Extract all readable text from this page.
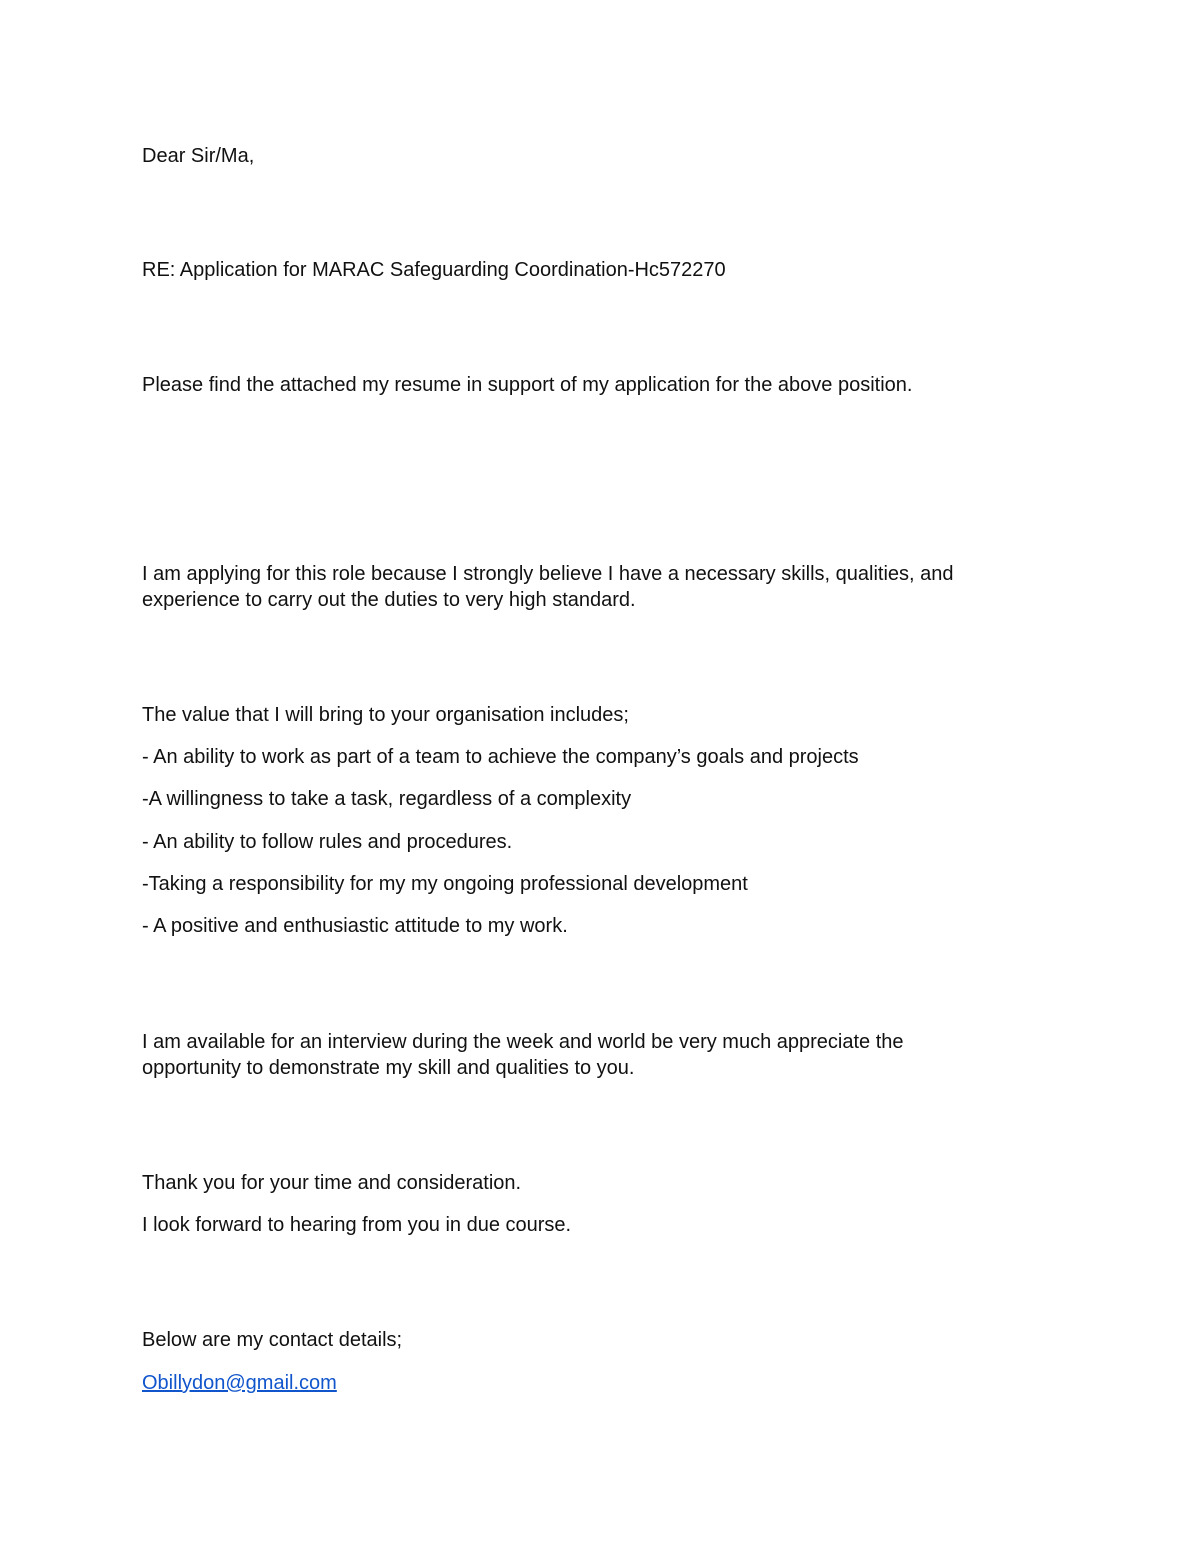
Dear Sir/Ma,

RE: Application for MARAC Safeguarding Coordination-Hc572270

Please find the attached my resume in support of my application for the above position.

I am applying for this role because I strongly believe I have a necessary skills, qualities, and

experience to carry out the duties to very high standard.

The value that I will bring to your organisation includes;

- An ability to work as part of a team to achieve the company’s goals and projects

-A willingness to take a task, regardless of a complexity

- An ability to follow rules and procedures.

-Taking a responsibility for my my ongoing professional development

- A positive and enthusiastic attitude to my work.

I am available for an interview during the week and world be very much appreciate the

opportunity to demonstrate my skill and qualities to you.

Thank you for your time and consideration.

I look forward to hearing from you in due course.

Below are my contact details;

Obillydon@gmail.com
